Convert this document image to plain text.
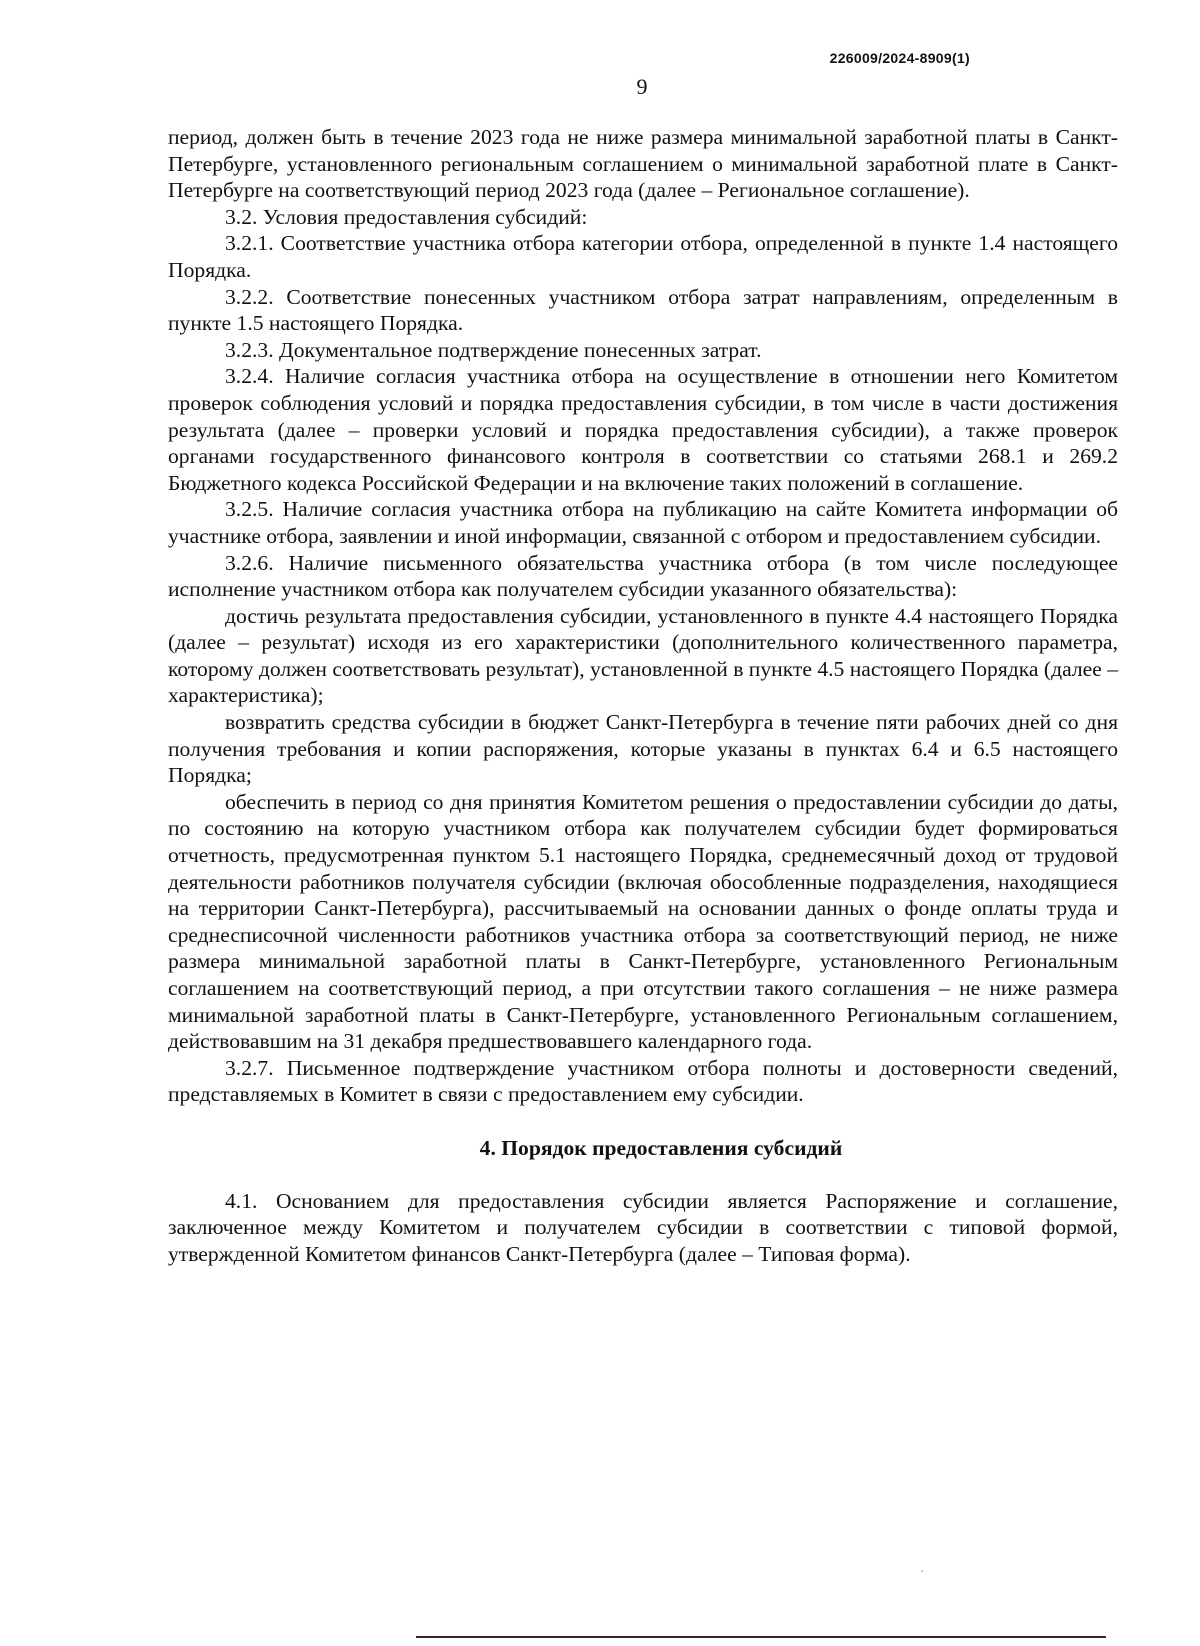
226009/2024-8909(1)
9

период, должен быть в течение 2023 года не ниже размера минимальной заработной платы в Санкт-Петербурге, установленного региональным соглашением о минимальной заработной плате в Санкт-Петербурге на соответствующий период 2023 года (далее – Региональное соглашение).

3.2. Условия предоставления субсидий:

3.2.1. Соответствие участника отбора категории отбора, определенной в пункте 1.4 настоящего Порядка.

3.2.2. Соответствие понесенных участником отбора затрат направлениям, определенным в пункте 1.5 настоящего Порядка.

3.2.3. Документальное подтверждение понесенных затрат.

3.2.4. Наличие согласия участника отбора на осуществление в отношении него Комитетом проверок соблюдения условий и порядка предоставления субсидии, в том числе в части достижения результата (далее – проверки условий и порядка предоставления субсидии), а также проверок органами государственного финансового контроля в соответствии со статьями 268.1 и 269.2 Бюджетного кодекса Российской Федерации и на включение таких положений в соглашение.

3.2.5. Наличие согласия участника отбора на публикацию на сайте Комитета информации об участнике отбора, заявлении и иной информации, связанной с отбором и предоставлением субсидии.

3.2.6. Наличие письменного обязательства участника отбора (в том числе последующее исполнение участником отбора как получателем субсидии указанного обязательства):

достичь результата предоставления субсидии, установленного в пункте 4.4 настоящего Порядка (далее – результат) исходя из его характеристики (дополнительного количественного параметра, которому должен соответствовать результат), установленной в пункте 4.5 настоящего Порядка (далее – характеристика);

возвратить средства субсидии в бюджет Санкт-Петербурга в течение пяти рабочих дней со дня получения требования и копии распоряжения, которые указаны в пунктах 6.4 и 6.5 настоящего Порядка;

обеспечить в период со дня принятия Комитетом решения о предоставлении субсидии до даты, по состоянию на которую участником отбора как получателем субсидии будет формироваться отчетность, предусмотренная пунктом 5.1 настоящего Порядка, среднемесячный доход от трудовой деятельности работников получателя субсидии (включая обособленные подразделения, находящиеся на территории Санкт-Петербурга), рассчитываемый на основании данных о фонде оплаты труда и среднесписочной численности работников участника отбора за соответствующий период, не ниже размера минимальной заработной платы в Санкт-Петербурге, установленного Региональным соглашением на соответствующий период, а при отсутствии такого соглашения – не ниже размера минимальной заработной платы в Санкт-Петербурге, установленного Региональным соглашением, действовавшим на 31 декабря предшествовавшего календарного года.

3.2.7. Письменное подтверждение участником отбора полноты и достоверности сведений, представляемых в Комитет в связи с предоставлением ему субсидии.

4. Порядок предоставления субсидий

4.1. Основанием для предоставления субсидии является Распоряжение и соглашение, заключенное между Комитетом и получателем субсидии в соответствии с типовой формой, утвержденной Комитетом финансов Санкт-Петербурга (далее – Типовая форма).
